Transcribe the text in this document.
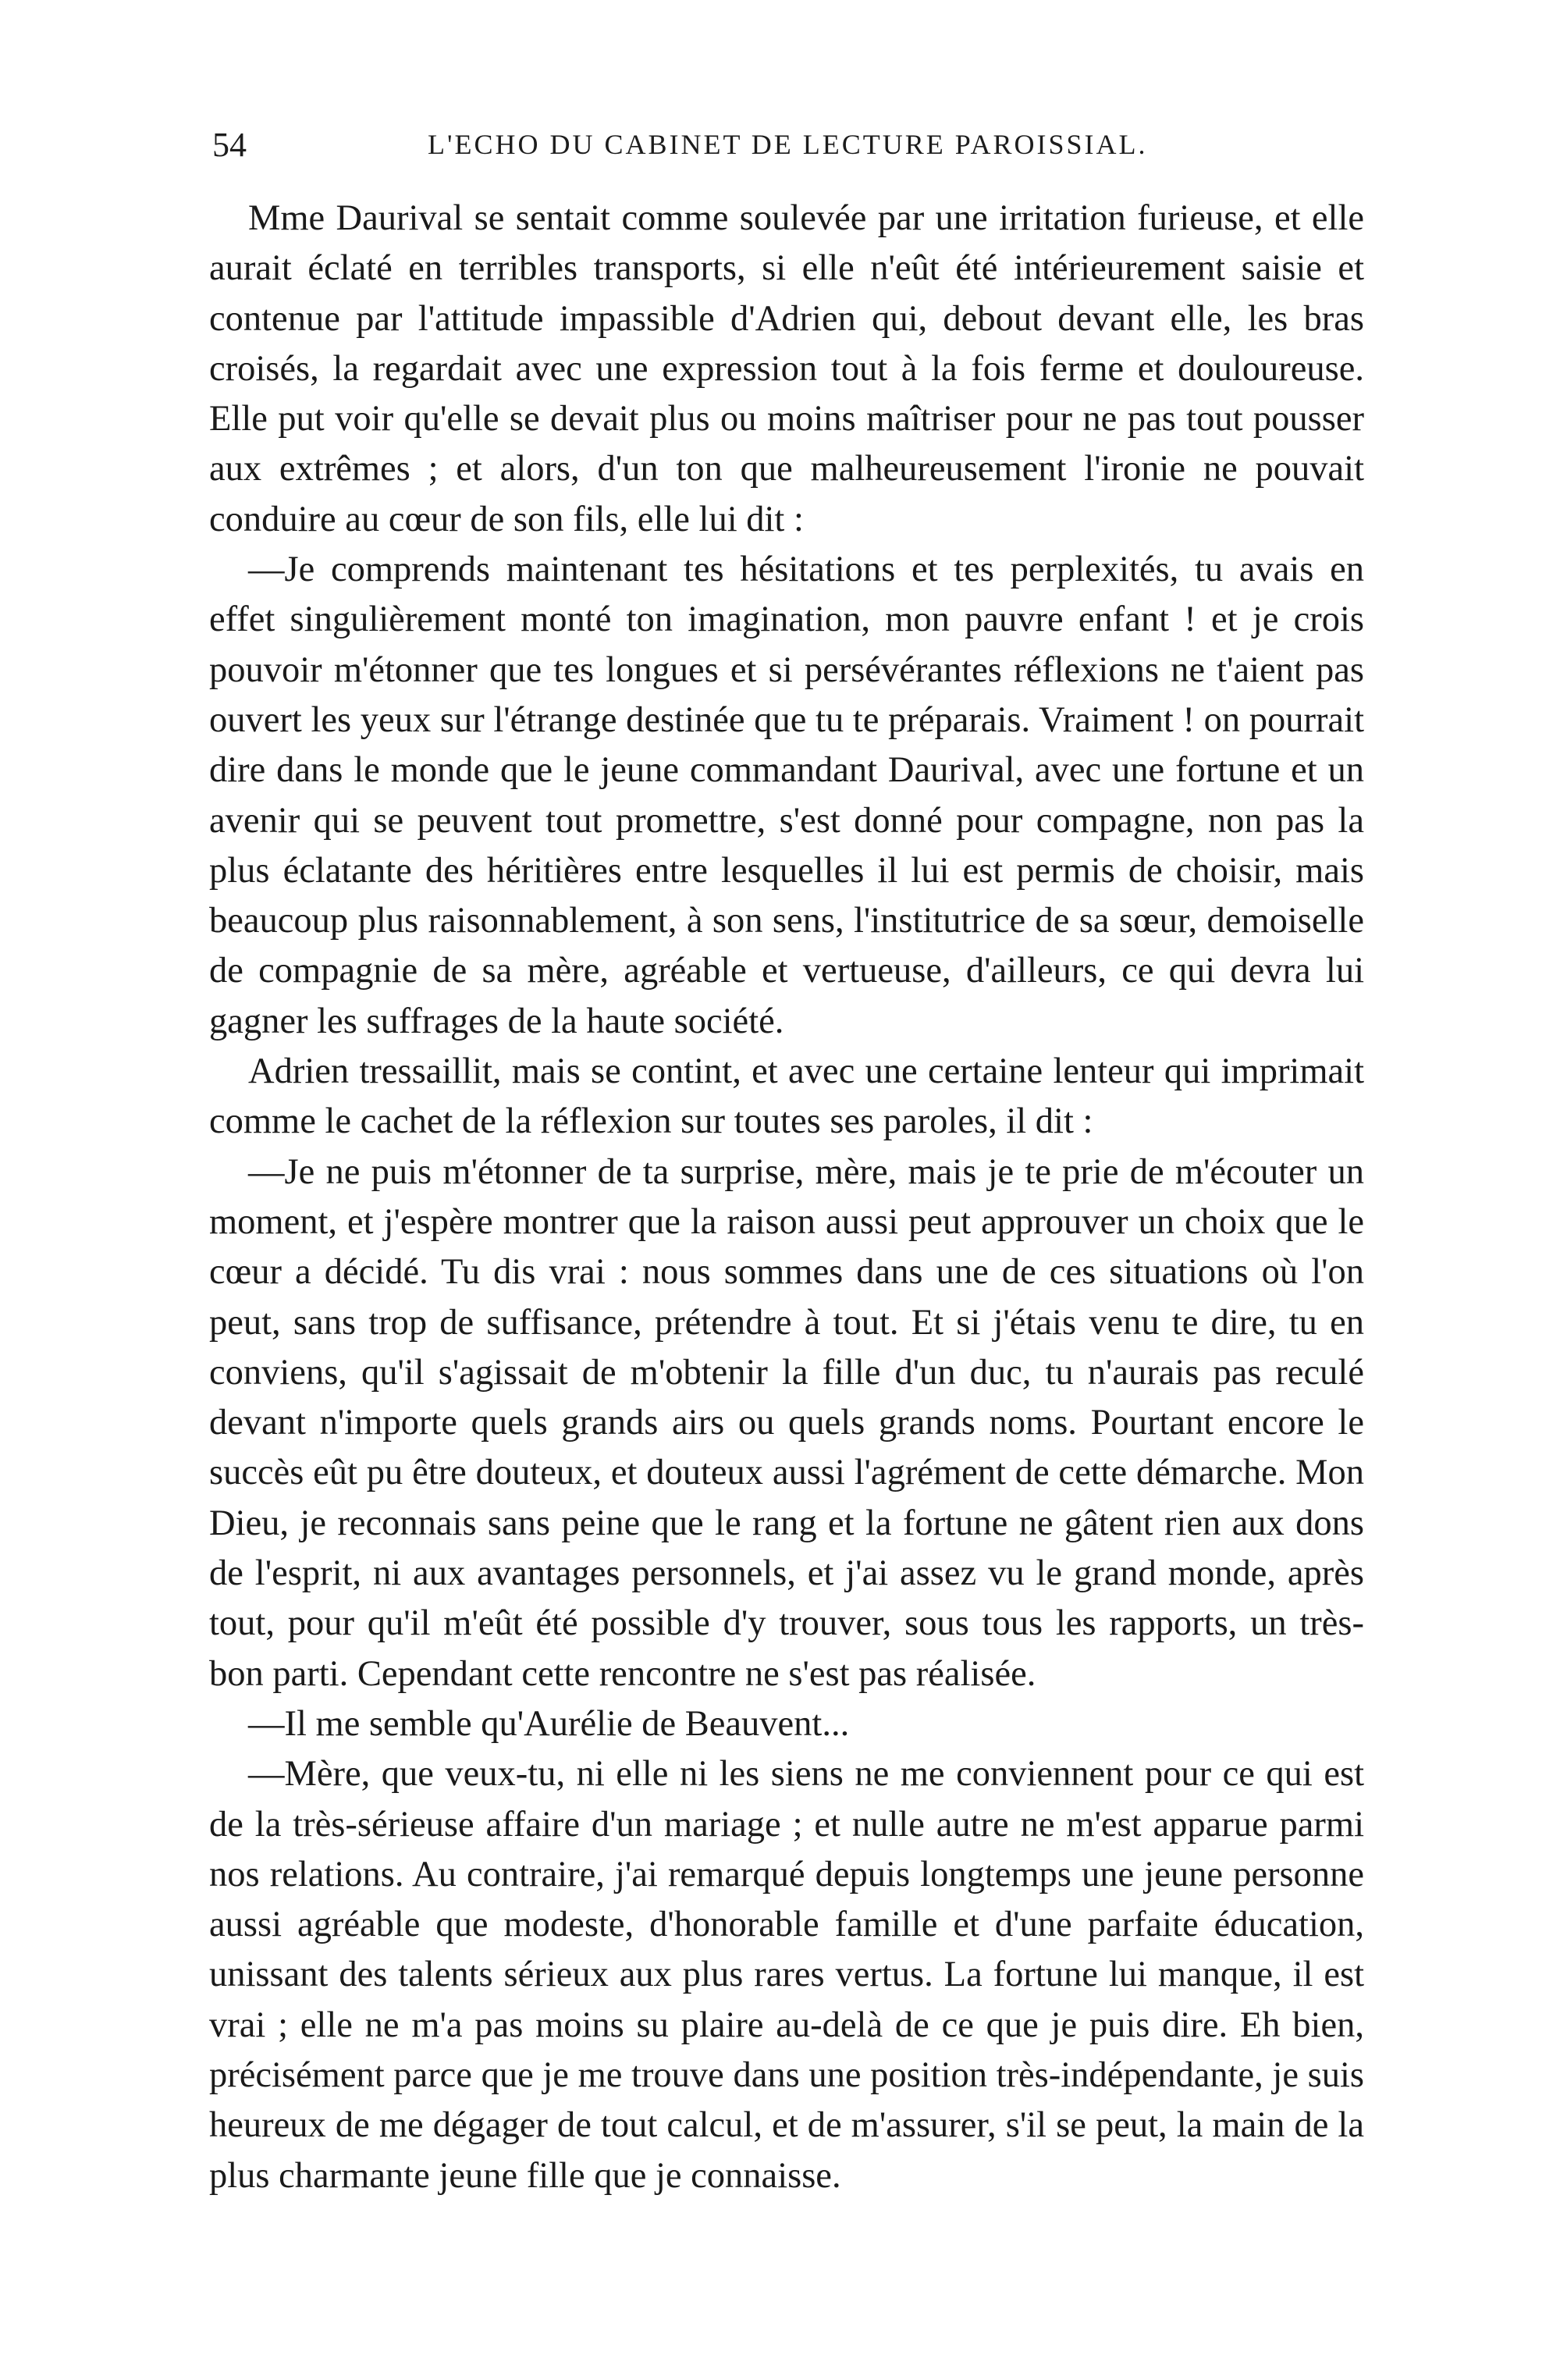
54	L'ECHO DU CABINET DE LECTURE PAROISSIAL.

Mme Daurival se sentait comme soulevée par une irritation furieuse, et elle aurait éclaté en terribles transports, si elle n'eût été intérieurement saisie et contenue par l'attitude impassible d'Adrien qui, debout devant elle, les bras croisés, la regardait avec une expression tout à la fois ferme et douloureuse. Elle put voir qu'elle se devait plus ou moins maîtriser pour ne pas tout pousser aux extrêmes ; et alors, d'un ton que malheureusement l'ironie ne pouvait conduire au cœur de son fils, elle lui dit :

—Je comprends maintenant tes hésitations et tes perplexités, tu avais en effet singulièrement monté ton imagination, mon pauvre enfant ! et je crois pouvoir m'étonner que tes longues et si persévérantes réflexions ne t'aient pas ouvert les yeux sur l'étrange destinée que tu te préparais. Vraiment ! on pourrait dire dans le monde que le jeune commandant Daurival, avec une fortune et un avenir qui se peuvent tout promettre, s'est donné pour compagne, non pas la plus éclatante des héritières entre lesquelles il lui est permis de choisir, mais beaucoup plus raisonnablement, à son sens, l'institutrice de sa sœur, demoiselle de compagnie de sa mère, agréable et vertueuse, d'ailleurs, ce qui devra lui gagner les suffrages de la haute société.

Adrien tressaillit, mais se contint, et avec une certaine lenteur qui imprimait comme le cachet de la réflexion sur toutes ses paroles, il dit :

—Je ne puis m'étonner de ta surprise, mère, mais je te prie de m'écouter un moment, et j'espère montrer que la raison aussi peut approuver un choix que le cœur a décidé. Tu dis vrai : nous sommes dans une de ces situations où l'on peut, sans trop de suffisance, prétendre à tout. Et si j'étais venu te dire, tu en conviens, qu'il s'agissait de m'obtenir la fille d'un duc, tu n'aurais pas reculé devant n'importe quels grands airs ou quels grands noms. Pourtant encore le succès eût pu être douteux, et douteux aussi l'agrément de cette démarche. Mon Dieu, je reconnais sans peine que le rang et la fortune ne gâtent rien aux dons de l'esprit, ni aux avantages personnels, et j'ai assez vu le grand monde, après tout, pour qu'il m'eût été possible d'y trouver, sous tous les rapports, un très-bon parti. Cependant cette rencontre ne s'est pas réalisée.

—Il me semble qu'Aurélie de Beauvent...

—Mère, que veux-tu, ni elle ni les siens ne me conviennent pour ce qui est de la très-sérieuse affaire d'un mariage ; et nulle autre ne m'est apparue parmi nos relations. Au contraire, j'ai remarqué depuis longtemps une jeune personne aussi agréable que modeste, d'honorable famille et d'une parfaite éducation, unissant des talents sérieux aux plus rares vertus. La fortune lui manque, il est vrai ; elle ne m'a pas moins su plaire au-delà de ce que je puis dire. Eh bien, précisément parce que je me trouve dans une position très-indépendante, je suis heureux de me dégager de tout calcul, et de m'assurer, s'il se peut, la main de la plus charmante jeune fille que je connaisse.
